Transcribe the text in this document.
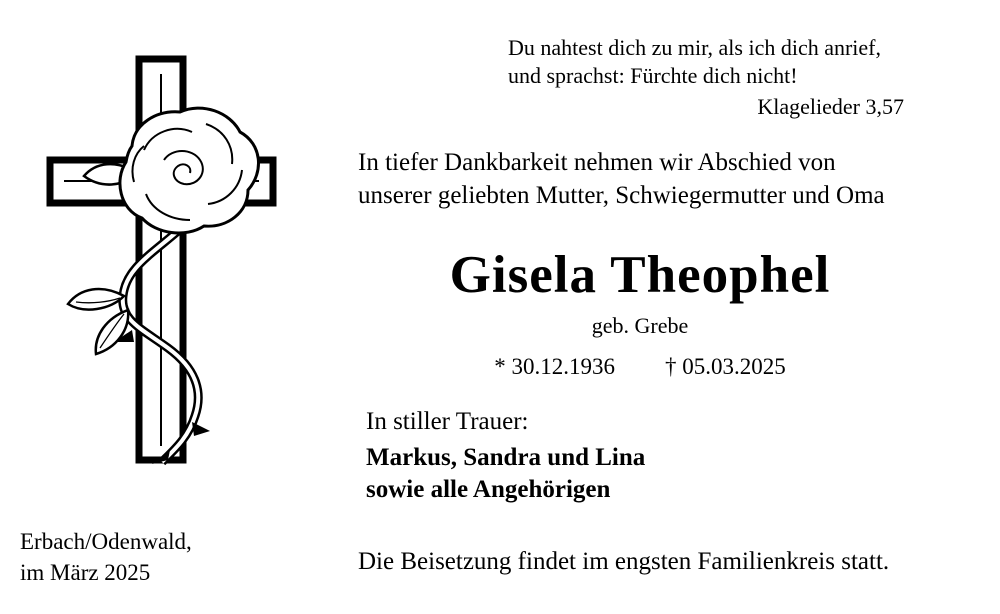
Du nahtest dich zu mir, als ich dich anrief,
und sprachst: Fürchte dich nicht!
Klagelieder 3,57
In tiefer Dankbarkeit nehmen wir Abschied von
unserer geliebten Mutter, Schwiegermutter und Oma
Gisela Theophel
geb. Grebe
* 30.12.1936 † 05.03.2025
In stiller Trauer:
Markus, Sandra und Lina
sowie alle Angehörigen
Erbach/Odenwald,
im März 2025	Die Beisetzung findet im engsten Familienkreis statt.
